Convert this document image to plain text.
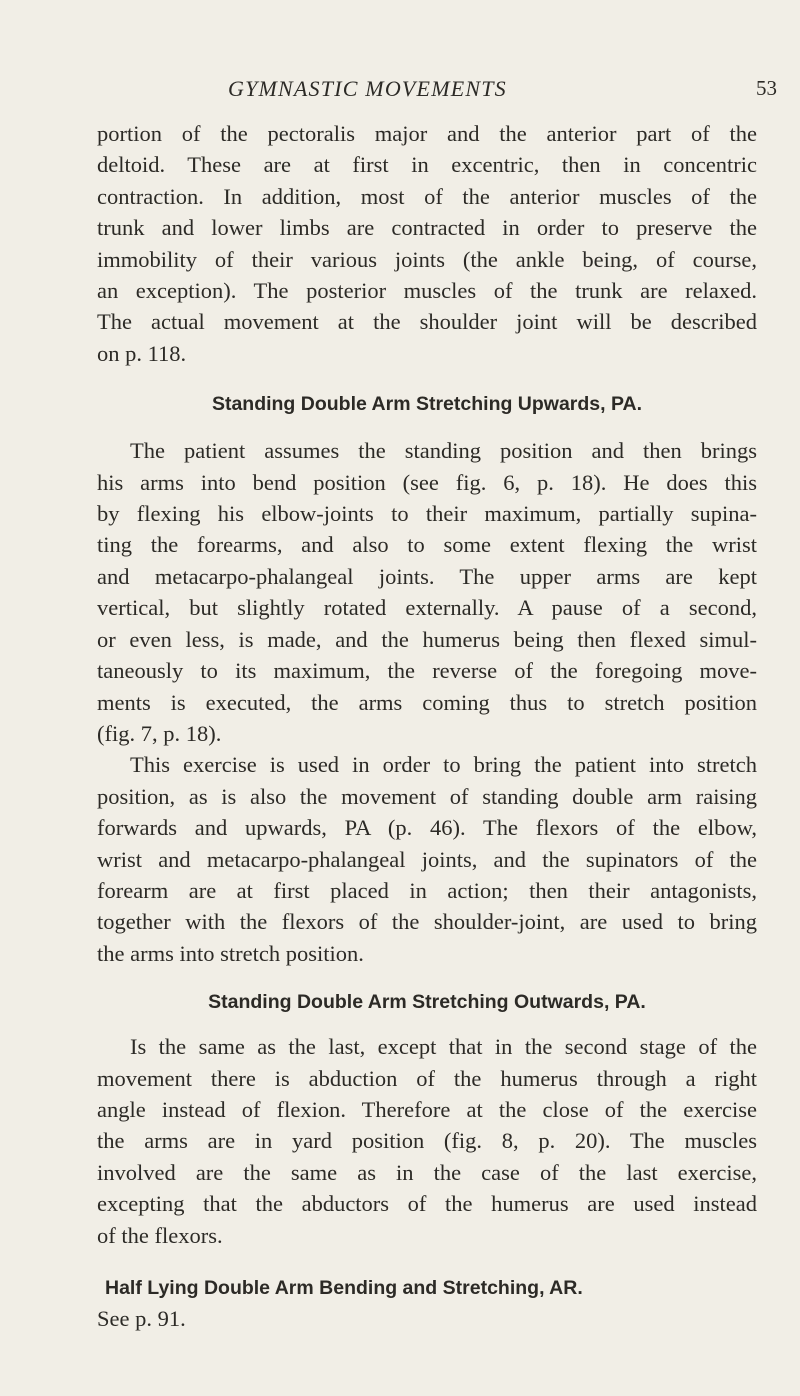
GYMNASTIC MOVEMENTS	53

portion of the pectoralis major and the anterior part of the
deltoid. These are at first in excentric, then in concentric
contraction. In addition, most of the anterior muscles of the
trunk and lower limbs are contracted in order to preserve the
immobility of their various joints (the ankle being, of course,
an exception). The posterior muscles of the trunk are relaxed.
The actual movement at the shoulder joint will be described
on p. 118.

Standing Double Arm Stretching Upwards, PA.

The patient assumes the standing position and then brings
his arms into bend position (see fig. 6, p. 18). He does this
by flexing his elbow-joints to their maximum, partially supina-
ting the forearms, and also to some extent flexing the wrist
and metacarpo-phalangeal joints. The upper arms are kept
vertical, but slightly rotated externally. A pause of a second,
or even less, is made, and the humerus being then flexed simul-
taneously to its maximum, the reverse of the foregoing move-
ments is executed, the arms coming thus to stretch position
(fig. 7, p. 18).

This exercise is used in order to bring the patient into stretch
position, as is also the movement of standing double arm raising
forwards and upwards, PA (p. 46). The flexors of the elbow,
wrist and metacarpo-phalangeal joints, and the supinators of the
forearm are at first placed in action; then their antagonists,
together with the flexors of the shoulder-joint, are used to bring
the arms into stretch position.

Standing Double Arm Stretching Outwards, PA.

Is the same as the last, except that in the second stage of the
movement there is abduction of the humerus through a right
angle instead of flexion. Therefore at the close of the exercise
the arms are in yard position (fig. 8, p. 20). The muscles
involved are the same as in the case of the last exercise,
excepting that the abductors of the humerus are used instead
of the flexors.

Half Lying Double Arm Bending and Stretching, AR.

See p. 91.
